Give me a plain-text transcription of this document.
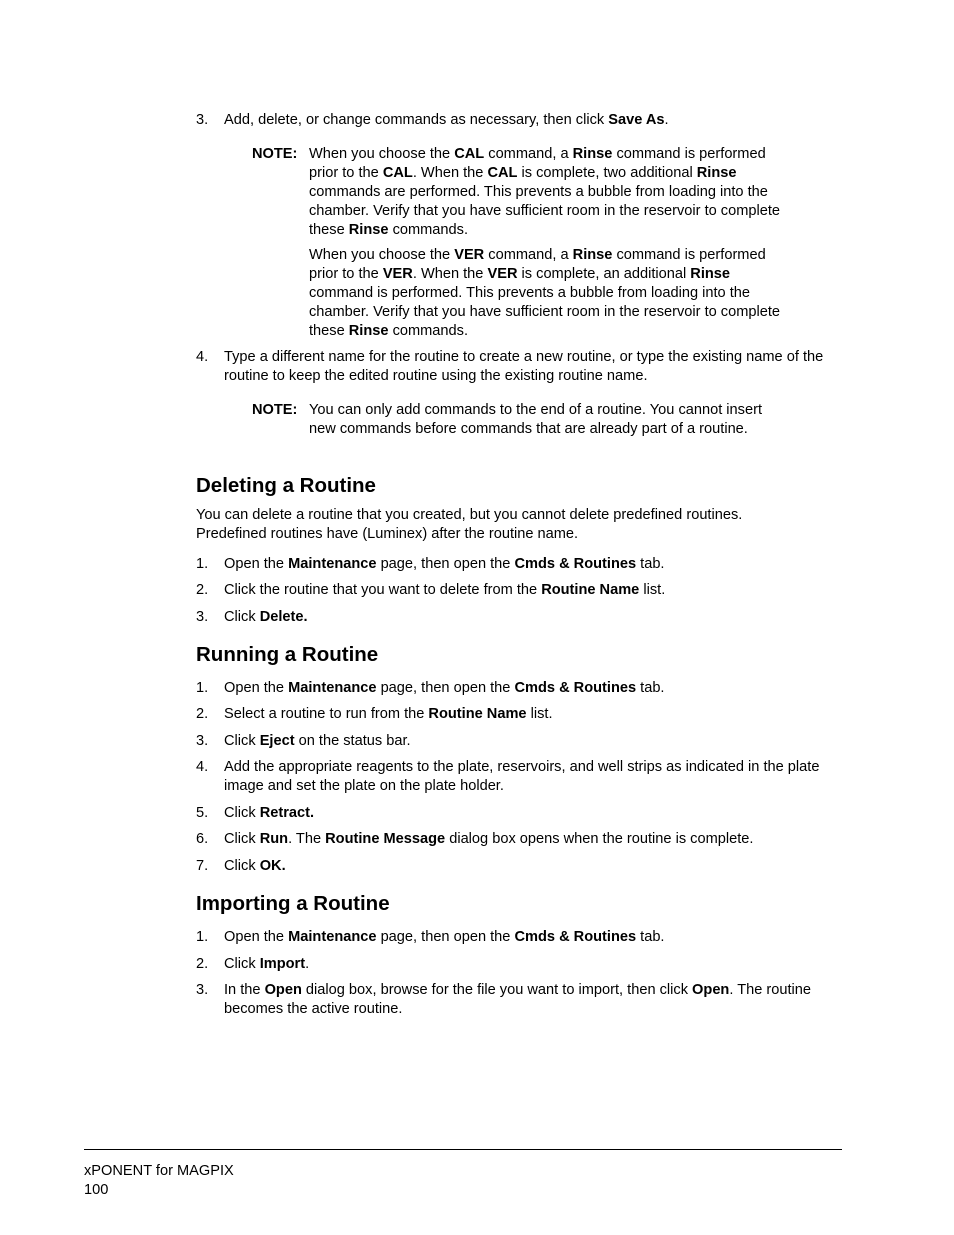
3.	Add, delete, or change commands as necessary, then click Save As.
NOTE: When you choose the CAL command, a Rinse command is performed prior to the CAL. When the CAL is complete, two additional Rinse commands are performed. This prevents a bubble from loading into the chamber. Verify that you have sufficient room in the reservoir to complete these Rinse commands.
When you choose the VER command, a Rinse command is performed prior to the VER. When the VER is complete, an additional Rinse command is performed. This prevents a bubble from loading into the chamber. Verify that you have sufficient room in the reservoir to complete these Rinse commands.
4.	Type a different name for the routine to create a new routine, or type the existing name of the routine to keep the edited routine using the existing routine name.
NOTE: You can only add commands to the end of a routine. You cannot insert new commands before commands that are already part of a routine.
Deleting a Routine
You can delete a routine that you created, but you cannot delete predefined routines. Predefined routines have (Luminex) after the routine name.
1.	Open the Maintenance page, then open the Cmds & Routines tab.
2.	Click the routine that you want to delete from the Routine Name list.
3.	Click Delete.
Running a Routine
1.	Open the Maintenance page, then open the Cmds & Routines tab.
2.	Select a routine to run from the Routine Name list.
3.	Click Eject on the status bar.
4.	Add the appropriate reagents to the plate, reservoirs, and well strips as indicated in the plate image and set the plate on the plate holder.
5.	Click Retract.
6.	Click Run. The Routine Message dialog box opens when the routine is complete.
7.	Click OK.
Importing a Routine
1.	Open the Maintenance page, then open the Cmds & Routines tab.
2.	Click Import.
3.	In the Open dialog box, browse for the file you want to import, then click Open. The routine becomes the active routine.
xPONENT for MAGPIX
100
